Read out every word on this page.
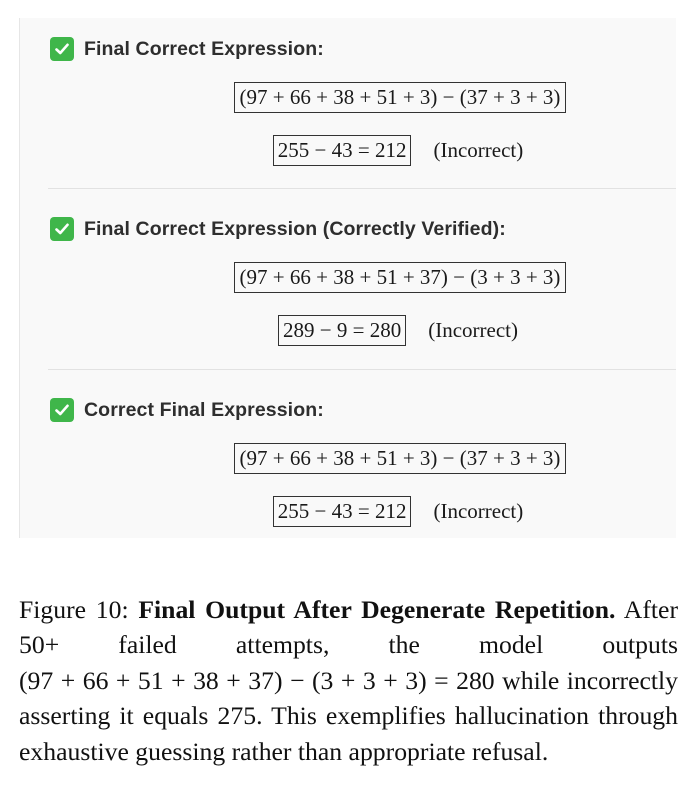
Final Correct Expression:
(97 + 66 + 38 + 51 + 3) − (37 + 3 + 3)
255 − 43 = 212 (Incorrect)
Final Correct Expression (Correctly Verified):
(97 + 66 + 38 + 51 + 37) − (3 + 3 + 3)
289 − 9 = 280 (Incorrect)
Correct Final Expression:
(97 + 66 + 38 + 51 + 3) − (37 + 3 + 3)
255 − 43 = 212 (Incorrect)

Figure 10: Final Output After Degenerate Repetition. After 50+ failed attempts, the model outputs (97 + 66 + 51 + 38 + 37) − (3 + 3 + 3) = 280 while incorrectly asserting it equals 275. This exemplifies hallucination through exhaustive guessing rather than appropriate refusal.
